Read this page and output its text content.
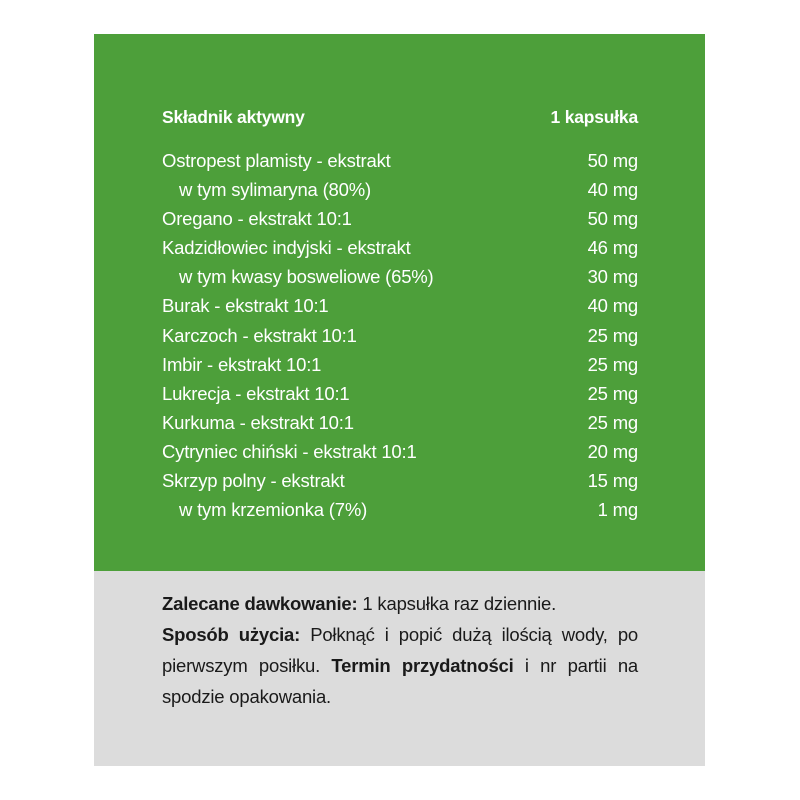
Składnik aktywny	1 kapsułka
Ostropest plamisty - ekstrakt	50 mg
w tym sylimaryna (80%)	40 mg
Oregano - ekstrakt 10:1	50 mg
Kadzidłowiec indyjski - ekstrakt	46 mg
w tym kwasy bosweliowe (65%)	30 mg
Burak - ekstrakt 10:1	40 mg
Karczoch - ekstrakt 10:1	25 mg
Imbir - ekstrakt 10:1	25 mg
Lukrecja - ekstrakt 10:1	25 mg
Kurkuma - ekstrakt 10:1	25 mg
Cytryniec chiński - ekstrakt 10:1	20 mg
Skrzyp polny - ekstrakt	15 mg
w tym krzemionka (7%)	1 mg

Zalecane dawkowanie: 1 kapsułka raz dziennie.

Sposób użycia: Połknąć i popić dużą ilością wody, po pierwszym posiłku. Termin przydatności i nr partii na spodzie opakowania.
